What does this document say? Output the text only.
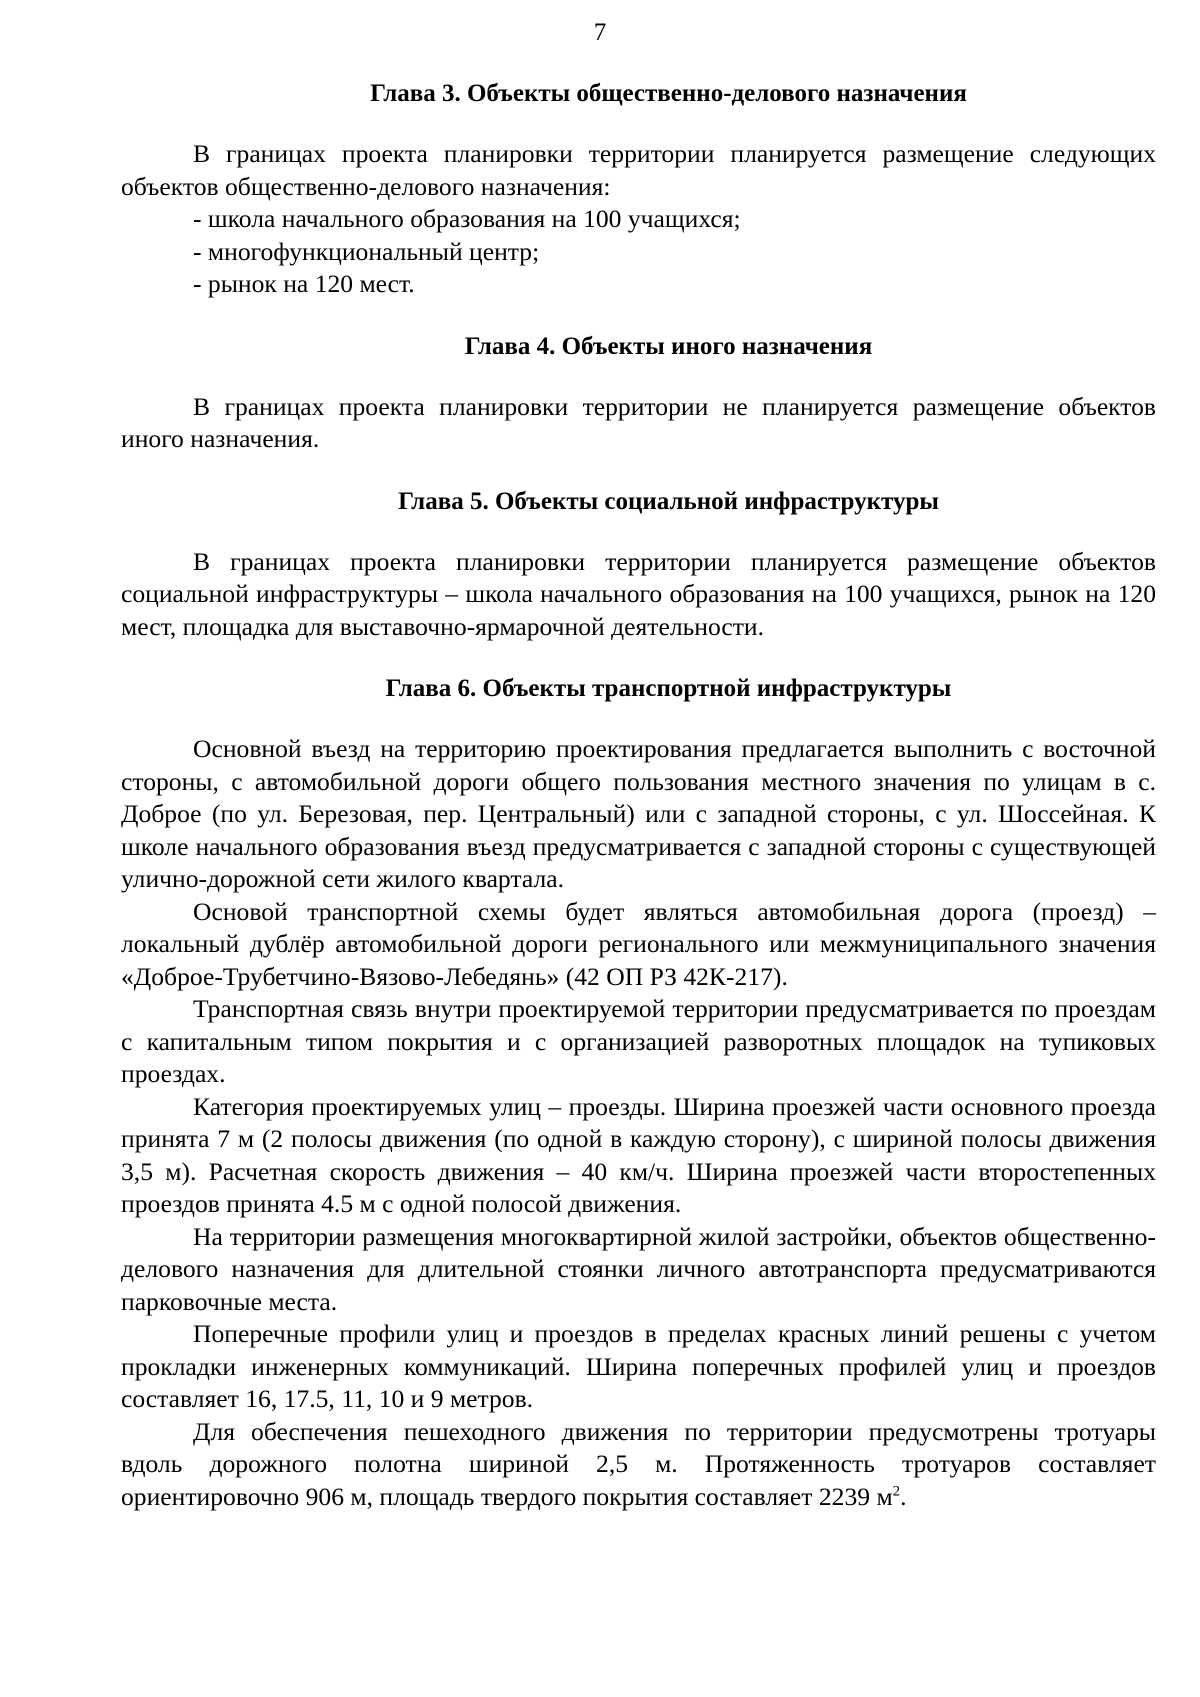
7
Глава 3. Объекты общественно-делового назначения

В границах проекта планировки территории планируется размещение следующих объектов общественно-делового назначения:

- школа начального образования на 100 учащихся;

- многофункциональный центр;

- рынок на 120 мест.

Глава 4. Объекты иного назначения

В границах проекта планировки территории не планируется размещение объектов иного назначения.

Глава 5. Объекты социальной инфраструктуры

В границах проекта планировки территории планируется размещение объектов социальной инфраструктуры – школа начального образования на 100 учащихся, рынок на 120 мест, площадка для выставочно-ярмарочной деятельности.

Глава 6. Объекты транспортной инфраструктуры

Основной въезд на территорию проектирования предлагается выполнить с восточной стороны, с автомобильной дороги общего пользования местного значения по улицам в с. Доброе (по ул. Березовая, пер. Центральный) или с западной стороны, с ул. Шоссейная. К школе начального образования въезд предусматривается с западной стороны с существующей улично-дорожной сети жилого квартала.

Основой транспортной схемы будет являться автомобильная дорога (проезд) – локальный дублёр автомобильной дороги регионального или межмуниципального значения «Доброе-Трубетчино-Вязово-Лебедянь» (42 ОП РЗ 42К-217).

Транспортная связь внутри проектируемой территории предусматривается по проездам с капитальным типом покрытия и с организацией разворотных площадок на тупиковых проездах.

Категория проектируемых улиц – проезды. Ширина проезжей части основного проезда принята 7 м (2 полосы движения (по одной в каждую сторону), с шириной полосы движения 3,5 м). Расчетная скорость движения – 40 км/ч. Ширина проезжей части второстепенных проездов принята 4.5 м с одной полосой движения.

На территории размещения многоквартирной жилой застройки, объектов общественно-делового назначения для длительной стоянки личного автотранспорта предусматриваются парковочные места.

Поперечные профили улиц и проездов в пределах красных линий решены с учетом прокладки инженерных коммуникаций. Ширина поперечных профилей улиц и проездов составляет 16, 17.5, 11, 10 и 9 метров.

Для обеспечения пешеходного движения по территории предусмотрены тротуары вдоль дорожного полотна шириной 2,5 м. Протяженность тротуаров составляет ориентировочно 906 м, площадь твердого покрытия составляет 2239 $м^2$.
